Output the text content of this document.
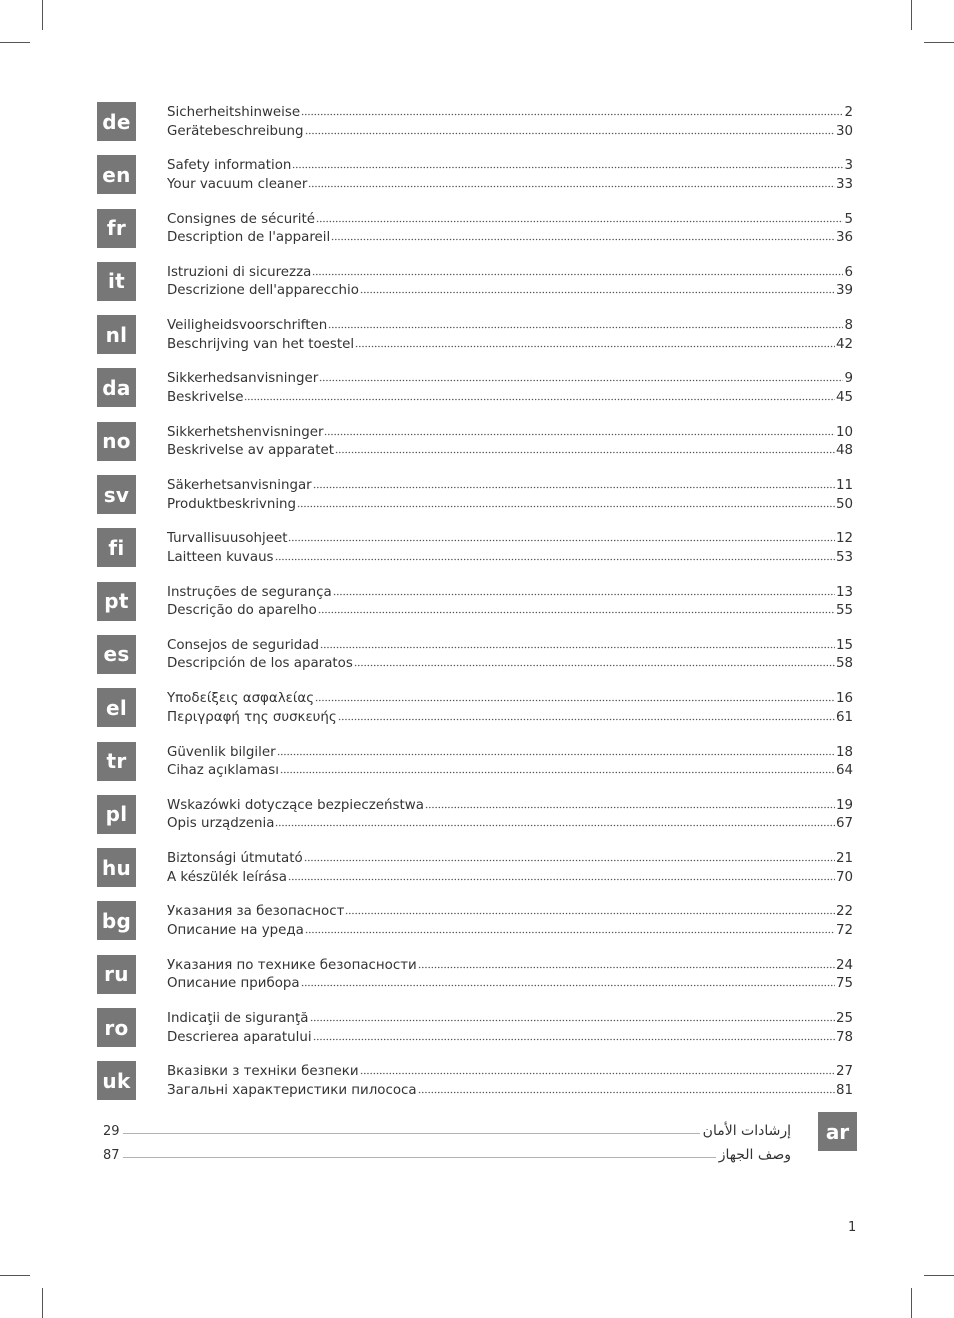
de	Sicherheitshinweise	2
Gerätebeschreibung	30
en	Safety information	3
Your vacuum cleaner	33
fr	Consignes de sécurité	5
Description de l'appareil	36
it	Istruzioni di sicurezza	6
Descrizione dell'apparecchio	39
nl	Veiligheidsvoorschriften	8
Beschrijving van het toestel	42
da	Sikkerhedsanvisninger	9
Beskrivelse	45
no	Sikkerhetshenvisninger	10
Beskrivelse av apparatet	48
sv	Säkerhetsanvisningar	11
Produktbeskrivning	50
fi	Turvallisuusohjeet	12
Laitteen kuvaus	53
pt	Instruções de segurança	13
Descrição do aparelho	55
es	Consejos de seguridad	15
Descripción de los aparatos	58
el	Υποδείξεις ασφαλείας	16
Περιγραφή της συσκευής	61
tr	Güvenlik bilgiler	18
Cihaz açıklaması	64
pl	Wskazówki dotyczące bezpieczeństwa	19
Opis urządzenia	67
hu	Biztonsági útmutató	21
A készülék leírása	70
bg	Указания за безопасност	22
Описание на уреда	72
ru	Указания по технике безопасности	24
Описание прибора	75
ro	Indicaţii de siguranţă	25
Descrierea aparatului	78
uk	Вказівки з техніки безпеки	27
Загальні характеристики пилососа	81
29	إرشادات الأمان
87	وصف الجهاز
ar
1
